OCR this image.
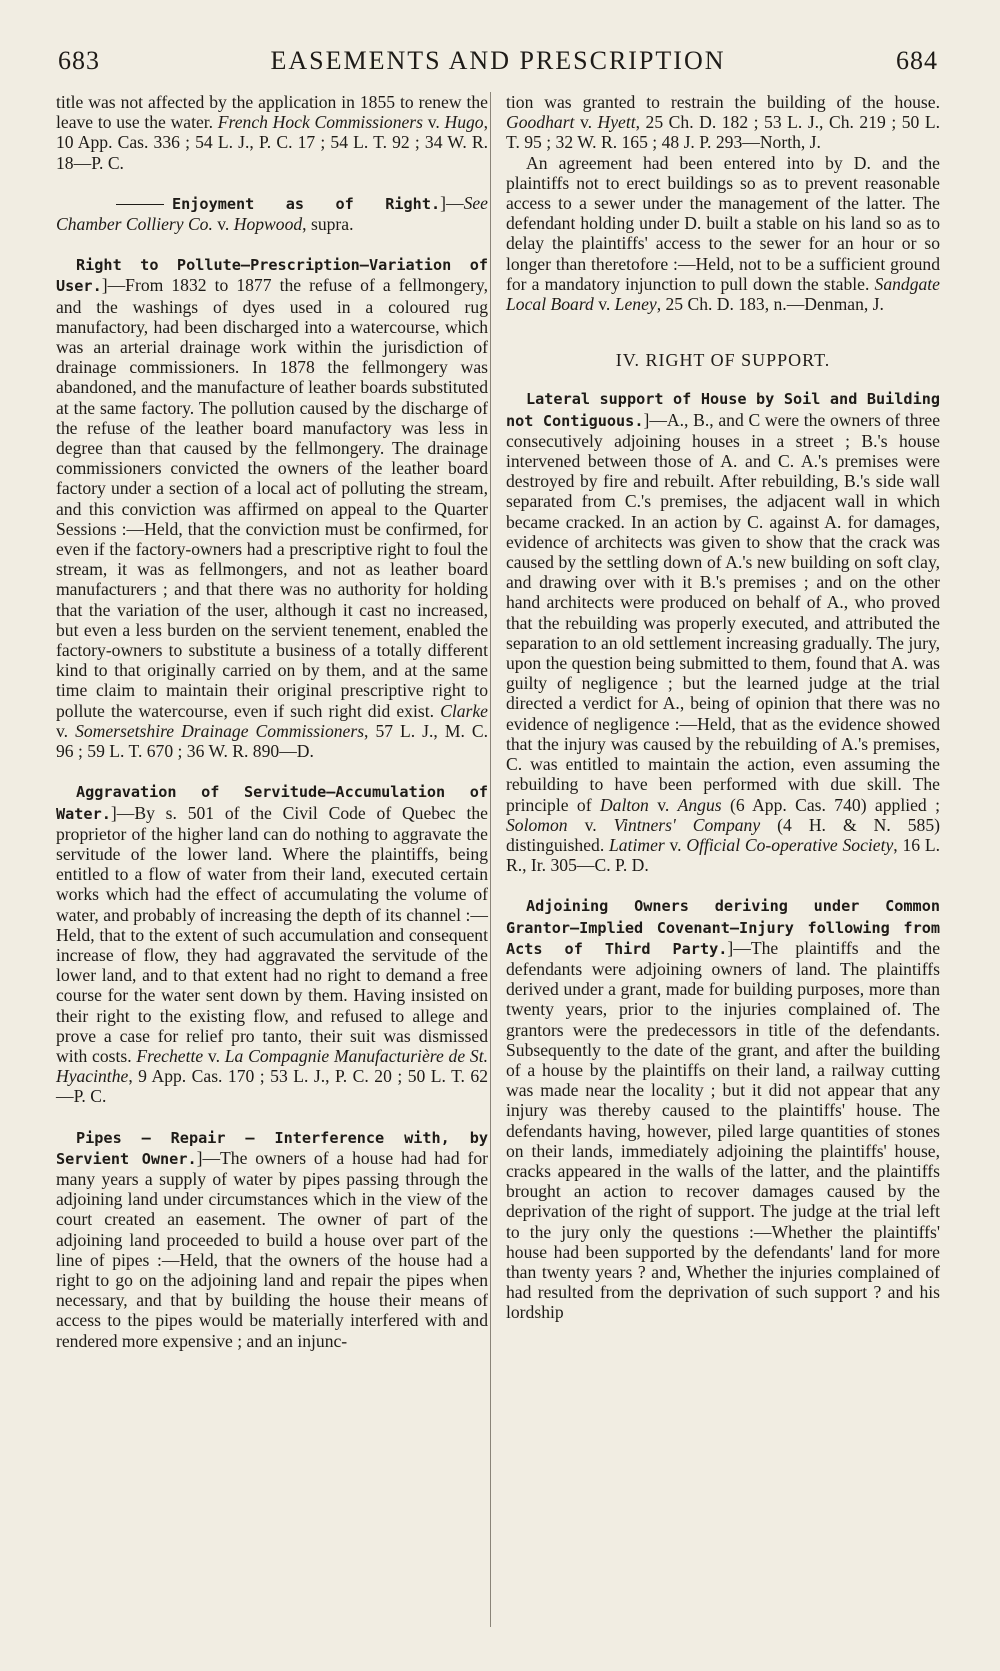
683	EASEMENTS AND PRESCRIPTION	684

title was not affected by the application in 1855 to renew the leave to use the water. French Hock Commissioners v. Hugo, 10 App. Cas. 336 ; 54 L. J., P. C. 17 ; 54 L. T. 92 ; 34 W. R. 18—P. C.

Enjoyment as of Right.]—See Chamber Colliery Co. v. Hopwood, supra.

Right to Pollute—Prescription—Variation of User.]—From 1832 to 1877 the refuse of a fellmongery, and the washings of dyes used in a coloured rug manufactory, had been discharged into a watercourse, which was an arterial drainage work within the jurisdiction of drainage commissioners. In 1878 the fellmongery was abandoned, and the manufacture of leather boards substituted at the same factory. The pollution caused by the discharge of the refuse of the leather board manufactory was less in degree than that caused by the fellmongery. The drainage commissioners convicted the owners of the leather board factory under a section of a local act of polluting the stream, and this conviction was affirmed on appeal to the Quarter Sessions :—Held, that the conviction must be confirmed, for even if the factory-owners had a prescriptive right to foul the stream, it was as fellmongers, and not as leather board manufacturers ; and that there was no authority for holding that the variation of the user, although it cast no increased, but even a less burden on the servient tenement, enabled the factory-owners to substitute a business of a totally different kind to that originally carried on by them, and at the same time claim to maintain their original prescriptive right to pollute the watercourse, even if such right did exist. Clarke v. Somersetshire Drainage Commissioners, 57 L. J., M. C. 96 ; 59 L. T. 670 ; 36 W. R. 890—D.

Aggravation of Servitude—Accumulation of Water.]—By s. 501 of the Civil Code of Quebec the proprietor of the higher land can do nothing to aggravate the servitude of the lower land. Where the plaintiffs, being entitled to a flow of water from their land, executed certain works which had the effect of accumulating the volume of water, and probably of increasing the depth of its channel :—Held, that to the extent of such accumulation and consequent increase of flow, they had aggravated the servitude of the lower land, and to that extent had no right to demand a free course for the water sent down by them. Having insisted on their right to the existing flow, and refused to allege and prove a case for relief pro tanto, their suit was dismissed with costs. Frechette v. La Compagnie Manufacturière de St. Hyacinthe, 9 App. Cas. 170 ; 53 L. J., P. C. 20 ; 50 L. T. 62—P. C.

Pipes — Repair — Interference with, by Servient Owner.]—The owners of a house had had for many years a supply of water by pipes passing through the adjoining land under circumstances which in the view of the court created an easement. The owner of part of the adjoining land proceeded to build a house over part of the line of pipes :—Held, that the owners of the house had a right to go on the adjoining land and repair the pipes when necessary, and that by building the house their means of access to the pipes would be materially interfered with and rendered more expensive ; and an injunc-

tion was granted to restrain the building of the house. Goodhart v. Hyett, 25 Ch. D. 182 ; 53 L. J., Ch. 219 ; 50 L. T. 95 ; 32 W. R. 165 ; 48 J. P. 293—North, J.

An agreement had been entered into by D. and the plaintiffs not to erect buildings so as to prevent reasonable access to a sewer under the management of the latter. The defendant holding under D. built a stable on his land so as to delay the plaintiffs' access to the sewer for an hour or so longer than theretofore :—Held, not to be a sufficient ground for a mandatory injunction to pull down the stable. Sandgate Local Board v. Leney, 25 Ch. D. 183, n.—Denman, J.

IV. RIGHT OF SUPPORT.

Lateral support of House by Soil and Building not Contiguous.]—A., B., and C were the owners of three consecutively adjoining houses in a street ; B.'s house intervened between those of A. and C. A.'s premises were destroyed by fire and rebuilt. After rebuilding, B.'s side wall separated from C.'s premises, the adjacent wall in which became cracked. In an action by C. against A. for damages, evidence of architects was given to show that the crack was caused by the settling down of A.'s new building on soft clay, and drawing over with it B.'s premises ; and on the other hand architects were produced on behalf of A., who proved that the rebuilding was properly executed, and attributed the separation to an old settlement increasing gradually. The jury, upon the question being submitted to them, found that A. was guilty of negligence ; but the learned judge at the trial directed a verdict for A., being of opinion that there was no evidence of negligence :—Held, that as the evidence showed that the injury was caused by the rebuilding of A.'s premises, C. was entitled to maintain the action, even assuming the rebuilding to have been performed with due skill. The principle of Dalton v. Angus (6 App. Cas. 740) applied ; Solomon v. Vintners' Company (4 H. & N. 585) distinguished. Latimer v. Official Co-operative Society, 16 L. R., Ir. 305—C. P. D.

Adjoining Owners deriving under Common Grantor—Implied Covenant—Injury following from Acts of Third Party.]—The plaintiffs and the defendants were adjoining owners of land. The plaintiffs derived under a grant, made for building purposes, more than twenty years, prior to the injuries complained of. The grantors were the predecessors in title of the defendants. Subsequently to the date of the grant, and after the building of a house by the plaintiffs on their land, a railway cutting was made near the locality ; but it did not appear that any injury was thereby caused to the plaintiffs' house. The defendants having, however, piled large quantities of stones on their lands, immediately adjoining the plaintiffs' house, cracks appeared in the walls of the latter, and the plaintiffs brought an action to recover damages caused by the deprivation of the right of support. The judge at the trial left to the jury only the questions :—Whether the plaintiffs' house had been supported by the defendants' land for more than twenty years ? and, Whether the injuries complained of had resulted from the deprivation of such support ? and his lordship
